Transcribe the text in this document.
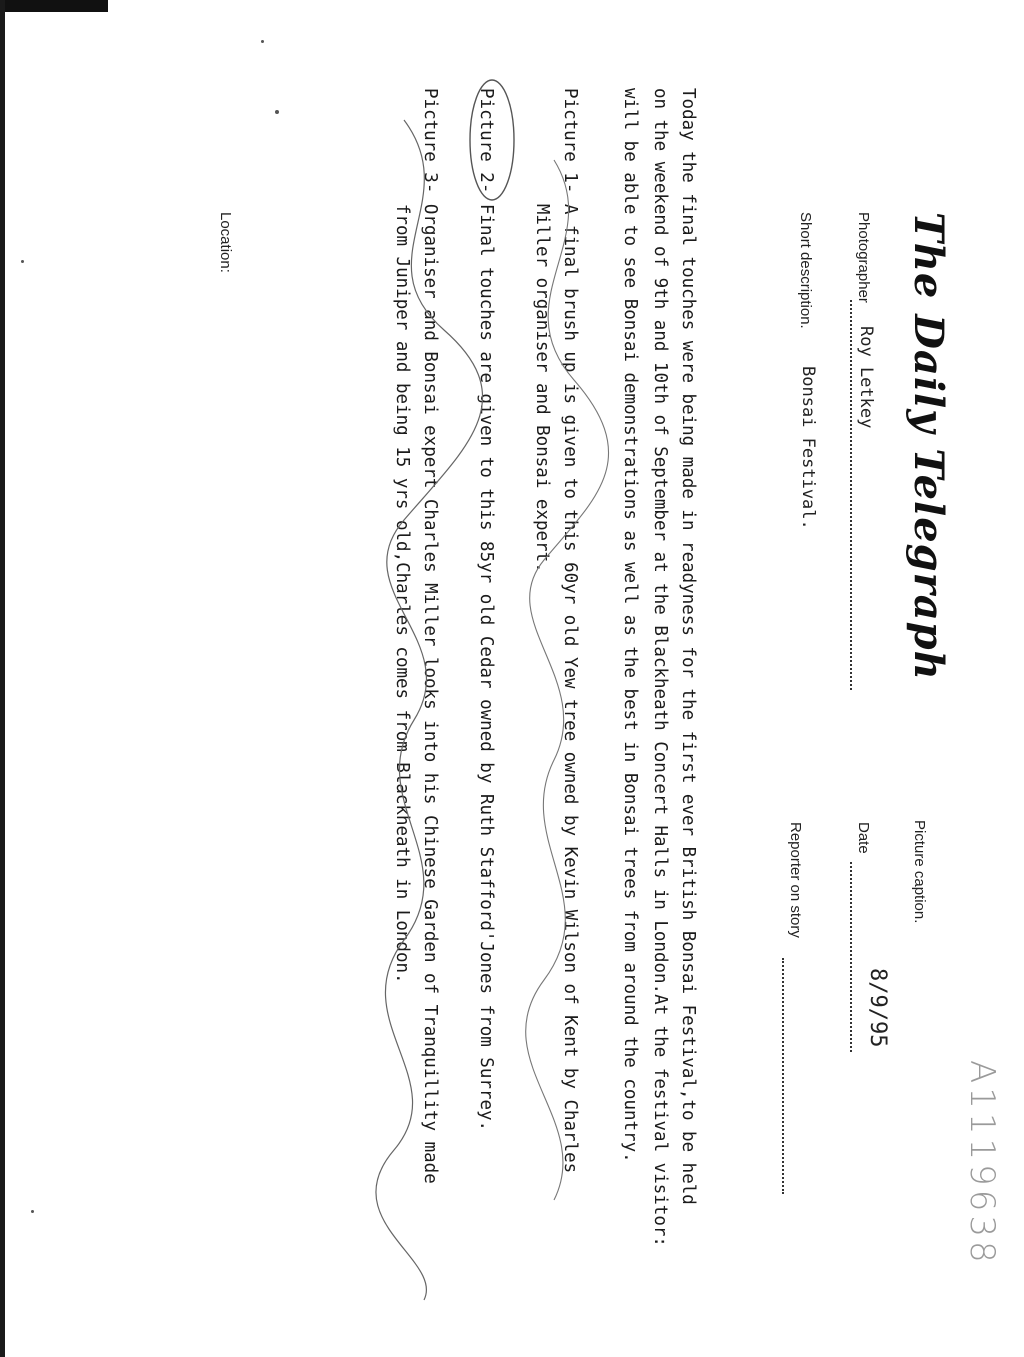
The Daily Telegraph
Picture caption.
Photographer
Roy Letkey
Date
8/9/95
Short description.
Bonsai Festival.
Reporter on story
A1119638
Today the final touches were being made in readyness for the first ever British Bonsai Festival,to be held
on the weekend of 9th and 10th of September at the Blackheath Concert Halls in London.At the festival visitor:
will be able to see Bonsai demonstrations as well as the best in Bonsai trees from around the country.
Picture 1- A final brush up is given to this 60yr old Yew tree owned by Kevin Wilson of Kent by Charles
Miller organiser and Bonsai expert.
Picture 2- Final touches are given to this 85yr old Cedar owned by Ruth Stafford'Jones from Surrey.
Picture 3- Organiser and Bonsai expert Charles Miller looks into his Chinese Garden of Tranquillity made
from Juniper and being 15 yrs old,Charles comes from Blackheath in London.
Location:
